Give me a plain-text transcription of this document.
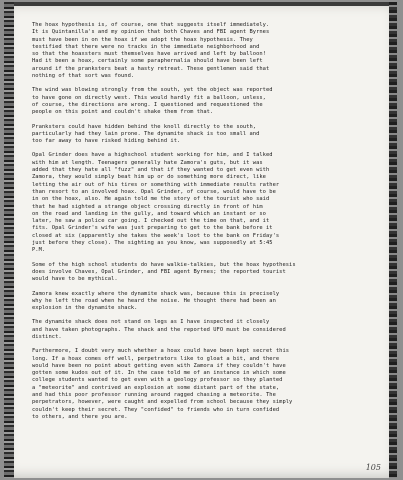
The hoax hypothesis is, of course, one that suggests itself immediately.
It is Quintanilla's and my opinion that both Chaves and FBI agent Byrnes
must have been in on the hoax if we adopt the hoax hypothesis. They
testified that there were no tracks in the immediate neighborhood and
so that the hoaxsters must themselves have arrived and left by balloon!
Had it been a hoax, certainly some paraphernalia should have been left
around if the pranksters beat a hasty retreat. These gentlemen said that
nothing of that sort was found.

The wind was blowing strongly from the south, yet the object was reported
to have gone on directly west. This would hardly fit a balloon, unless,
of course, the directions are wrong. I questioned and requestioned the
people on this point and couldn't shake them from that.

Pranksters could have hidden behind the knoll directly to the south,
particularly had they lain prone. The dynamite shack is too small and
too far away to have risked hiding behind it.

Opal Grinder does have a highschool student working for him, and I talked
with him at length. Teenagers generally hate Zamora's guts, but it was
added that they hate all "fuzz" and that if they wanted to get even with
Zamora, they would simply beat him up or do something more direct, like
letting the air out of his tires or something with immediate results rather
than resort to an involved hoax. Opal Grinder, of course, would have to be
in on the hoax, also. He again told me the story of the tourist who said
that he had sighted a strange object crossing directly in front of him
on the road and landing in the gully, and toward which an instant or so
later, he saw a police car going. I checked out the time on that, and it
fits. Opal Grinder's wife was just preparing to get to the bank before it
closed at six (apparently she takes the week's loot to the bank on Friday's
just before they close). The sighting as you know, was supposedly at 5:45
P.M.

Some of the high school students do have walkie-talkies, but the hoax hypothesis
does involve Chaves, Opal Grinder, and FBI agent Byrnes; the reported tourist
would have to be mythical.

Zamora knew exactly where the dynamite shack was, because this is precisely
why he left the road when he heard the noise. He thought there had been an
explosion in the dynamite shack.

The dynamite shack does not stand on legs as I have inspected it closely
and have taken photographs. The shack and the reported UFO must be considered
distinct.

Furthermore, I doubt very much whether a hoax could have been kept secret this
long. If a hoax comes off well, perpetrators like to gloat a bit, and there
would have been no point about getting even with Zamora if they couldn't have
gotten some kudos out of it. In the case told me of an instance in which some
college students wanted to get even with a geology professor so they planted
a "meteorite" and contrived an explosion at some distant part of the state,
and had this poor professor running around ragged chasing a meteorite. The
perpetrators, however, were caught and expelled from school because they simply
couldn't keep their secret. They "confided" to friends who in turn confided
to others, and there you are.

105
